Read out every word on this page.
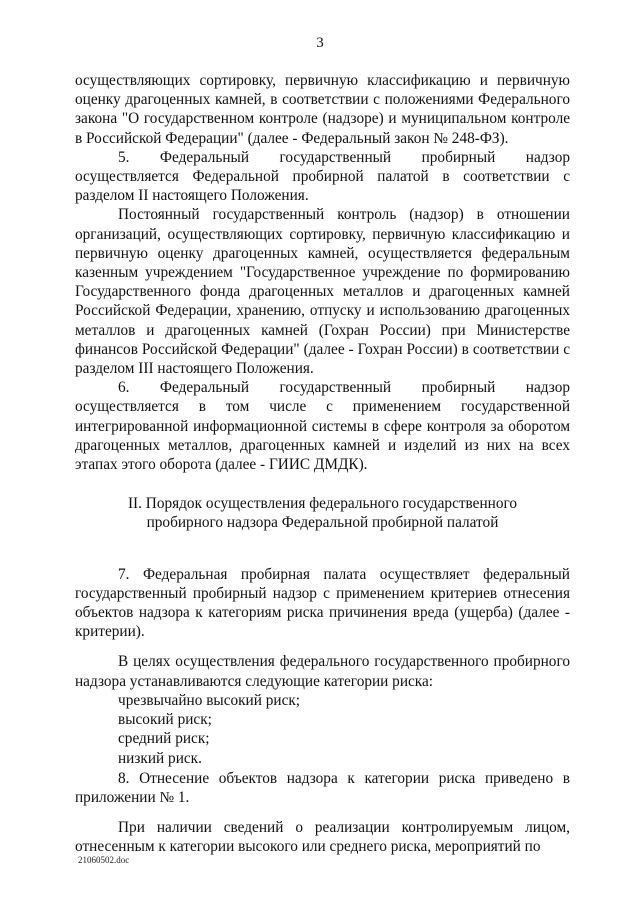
3

осуществляющих сортировку, первичную классификацию и первичную оценку драгоценных камней, в соответствии с положениями Федерального закона "О государственном контроле (надзоре) и муниципальном контроле в Российской Федерации" (далее - Федеральный закон № 248-ФЗ).

5. Федеральный государственный пробирный надзор осуществляется Федеральной пробирной палатой в соответствии с разделом II настоящего Положения.

Постоянный государственный контроль (надзор) в отношении организаций, осуществляющих сортировку, первичную классификацию и первичную оценку драгоценных камней, осуществляется федеральным казенным учреждением "Государственное учреждение по формированию Государственного фонда драгоценных металлов и драгоценных камней Российской Федерации, хранению, отпуску и использованию драгоценных металлов и драгоценных камней (Гохран России) при Министерстве финансов Российской Федерации" (далее - Гохран России) в соответствии с разделом III настоящего Положения.

6. Федеральный государственный пробирный надзор осуществляется в том числе с применением государственной интегрированной информационной системы в сфере контроля за оборотом драгоценных металлов, драгоценных камней и изделий из них на всех этапах этого оборота (далее - ГИИС ДМДК).

II. Порядок осуществления федерального государственного
пробирного надзора Федеральной пробирной палатой

7. Федеральная пробирная палата осуществляет федеральный государственный пробирный надзор с применением критериев отнесения объектов надзора к категориям риска причинения вреда (ущерба) (далее - критерии).

В целях осуществления федерального государственного пробирного надзора устанавливаются следующие категории риска:

чрезвычайно высокий риск;

высокий риск;

средний риск;

низкий риск.

8. Отнесение объектов надзора к категории риска приведено в приложении № 1.

При наличии сведений о реализации контролируемым лицом, отнесенным к категории высокого или среднего риска, мероприятий по

21060502.doc
